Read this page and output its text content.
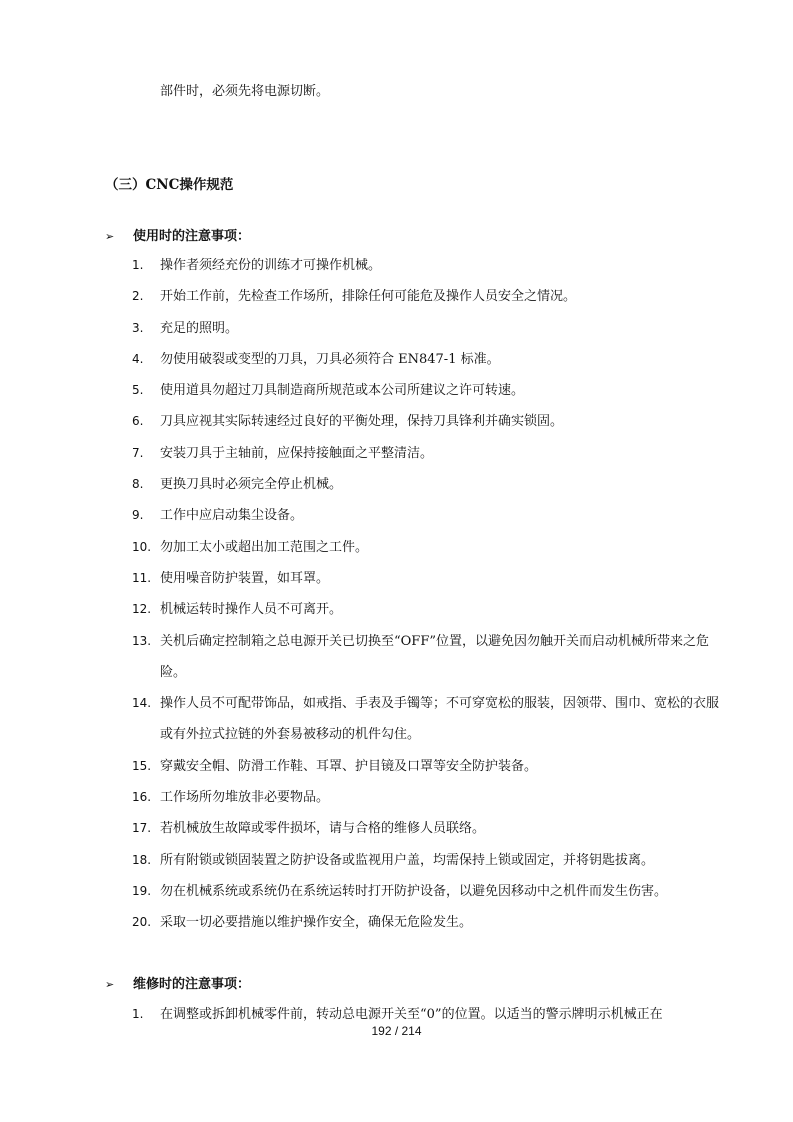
部件时，必须先将电源切断。
（三）CNC操作规范
➢	使用时的注意事项：
1. 操作者须经充份的训练才可操作机械。
2. 开始工作前，先检查工作场所，排除任何可能危及操作人员安全之情况。
3. 充足的照明。
4. 勿使用破裂或变型的刀具，刀具必须符合 EN847-1 标准。
5. 使用道具勿超过刀具制造商所规范或本公司所建议之许可转速。
6. 刀具应视其实际转速经过良好的平衡处理，保持刀具锋利并确实锁固。
7. 安装刀具于主轴前，应保持接触面之平整清洁。
8. 更换刀具时必须完全停止机械。
9. 工作中应启动集尘设备。
10. 勿加工太小或超出加工范围之工件。
11. 使用噪音防护装置，如耳罩。
12. 机械运转时操作人员不可离开。
13. 关机后确定控制箱之总电源开关已切换至“OFF”位置，以避免因勿触开关而启动机械所带来之危险。
14. 操作人员不可配带饰品，如戒指、手表及手镯等；不可穿宽松的服装，因领带、围巾、宽松的衣服或有外拉式拉链的外套易被移动的机件勾住。
15. 穿戴安全帽、防滑工作鞋、耳罩、护目镜及口罩等安全防护装备。
16. 工作场所勿堆放非必要物品。
17. 若机械放生故障或零件损坏，请与合格的维修人员联络。
18. 所有附锁或锁固装置之防护设备或监视用户盖，均需保持上锁或固定，并将钥匙拔离。
19. 勿在机械系统或系统仍在系统运转时打开防护设备，以避免因移动中之机件而发生伤害。
20. 采取一切必要措施以维护操作安全，确保无危险发生。
➢	维修时的注意事项：
1. 在调整或拆卸机械零件前，转动总电源开关至“0”的位置。以适当的警示牌明示机械正在
192 / 214
